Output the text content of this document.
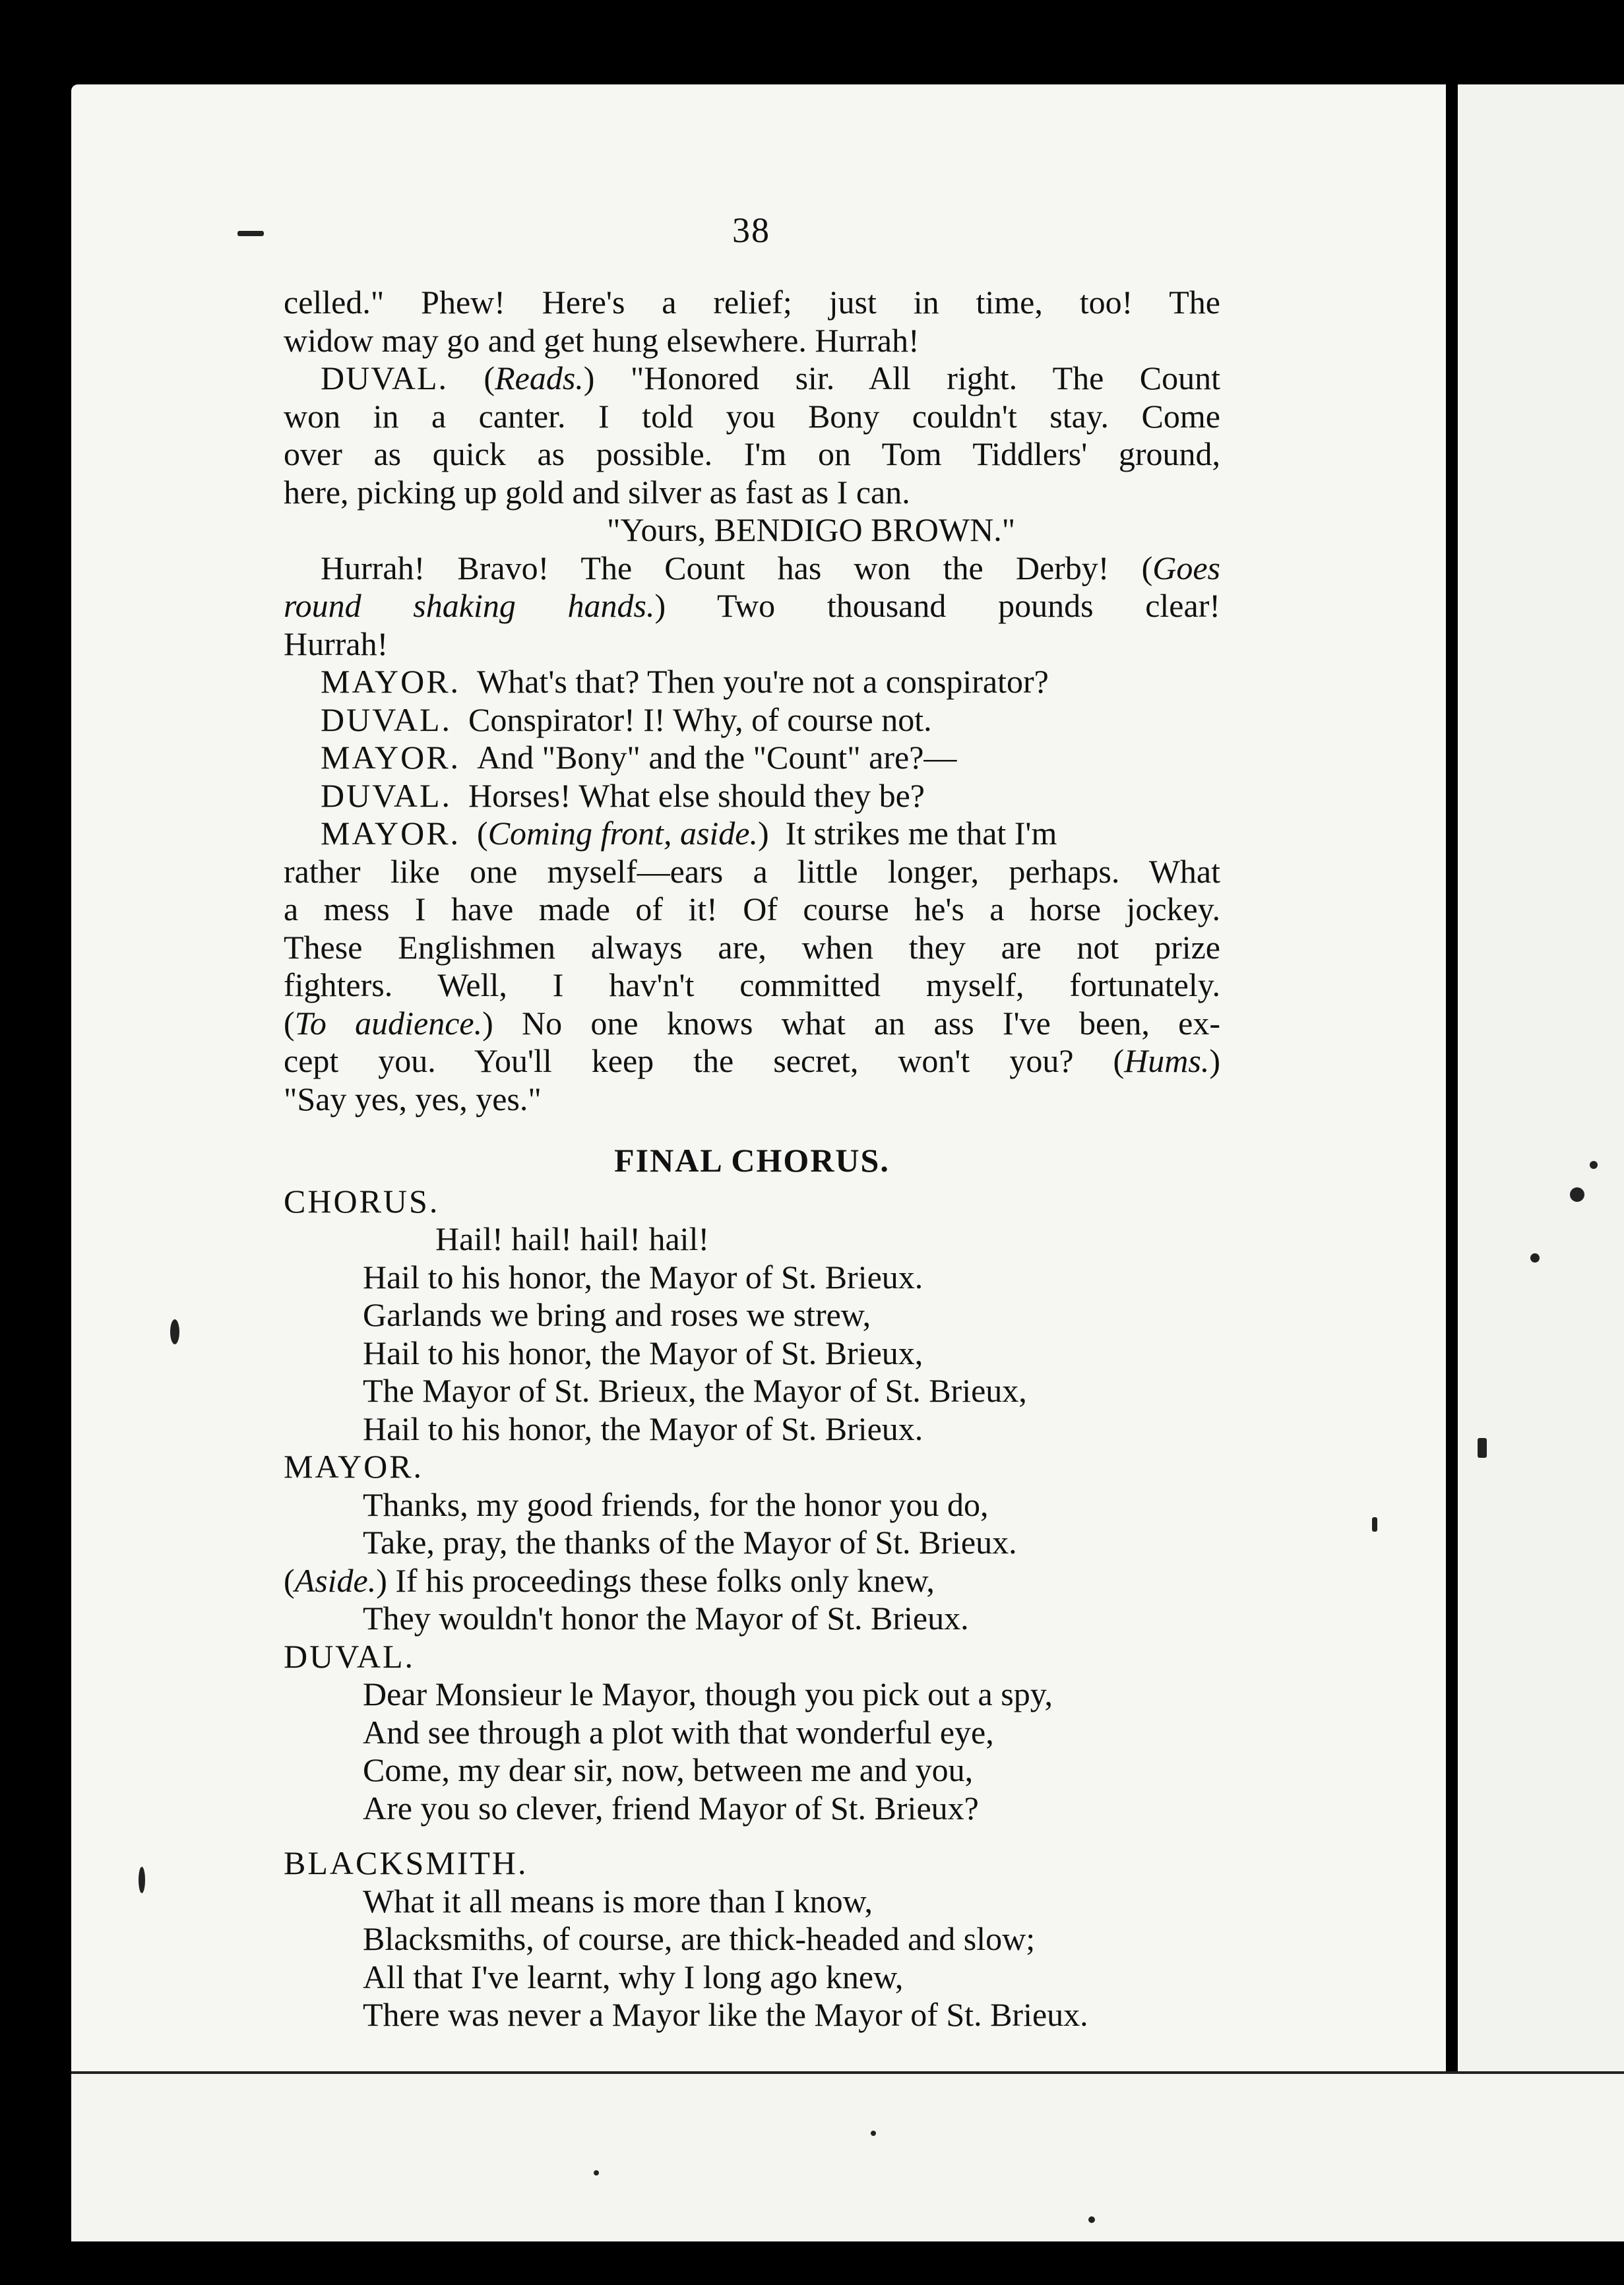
38
celled." Phew! Here's a relief; just in time, too! The
widow may go and get hung elsewhere. Hurrah!
DUVAL. (Reads.) "Honored sir. All right. The Count
won in a canter. I told you Bony couldn't stay. Come
over as quick as possible. I'm on Tom Tiddlers' ground,
here, picking up gold and silver as fast as I can.
"Yours, BENDIGO BROWN."
Hurrah! Bravo! The Count has won the Derby! (Goes
round shaking hands.) Two thousand pounds clear!
Hurrah!
MAYOR. What's that? Then you're not a conspirator?
DUVAL. Conspirator! I! Why, of course not.
MAYOR. And "Bony" and the "Count" are?—
DUVAL. Horses! What else should they be?
MAYOR.  (Coming front, aside.)  It strikes me that I'm
rather like one myself—ears a little longer, perhaps. What
a mess I have made of it! Of course he's a horse jockey.
These Englishmen always are, when they are not prize
fighters. Well, I hav'n't committed myself, fortunately.
(To audience.) No one knows what an ass I've been, ex-
cept you. You'll keep the secret, won't you? (Hums.)
"Say yes, yes, yes."
FINAL CHORUS.
CHORUS.
Hail! hail! hail! hail!
Hail to his honor, the Mayor of St. Brieux.
Garlands we bring and roses we strew,
Hail to his honor, the Mayor of St. Brieux,
The Mayor of St. Brieux, the Mayor of St. Brieux,
Hail to his honor, the Mayor of St. Brieux.
MAYOR.
Thanks, my good friends, for the honor you do,
Take, pray, the thanks of the Mayor of St. Brieux.
(Aside.) If his proceedings these folks only knew,
They wouldn't honor the Mayor of St. Brieux.
DUVAL.
Dear Monsieur le Mayor, though you pick out a spy,
And see through a plot with that wonderful eye,
Come, my dear sir, now, between me and you,
Are you so clever, friend Mayor of St. Brieux?
BLACKSMITH.
What it all means is more than I know,
Blacksmiths, of course, are thick-headed and slow;
All that I've learnt, why I long ago knew,
There was never a Mayor like the Mayor of St. Brieux.
